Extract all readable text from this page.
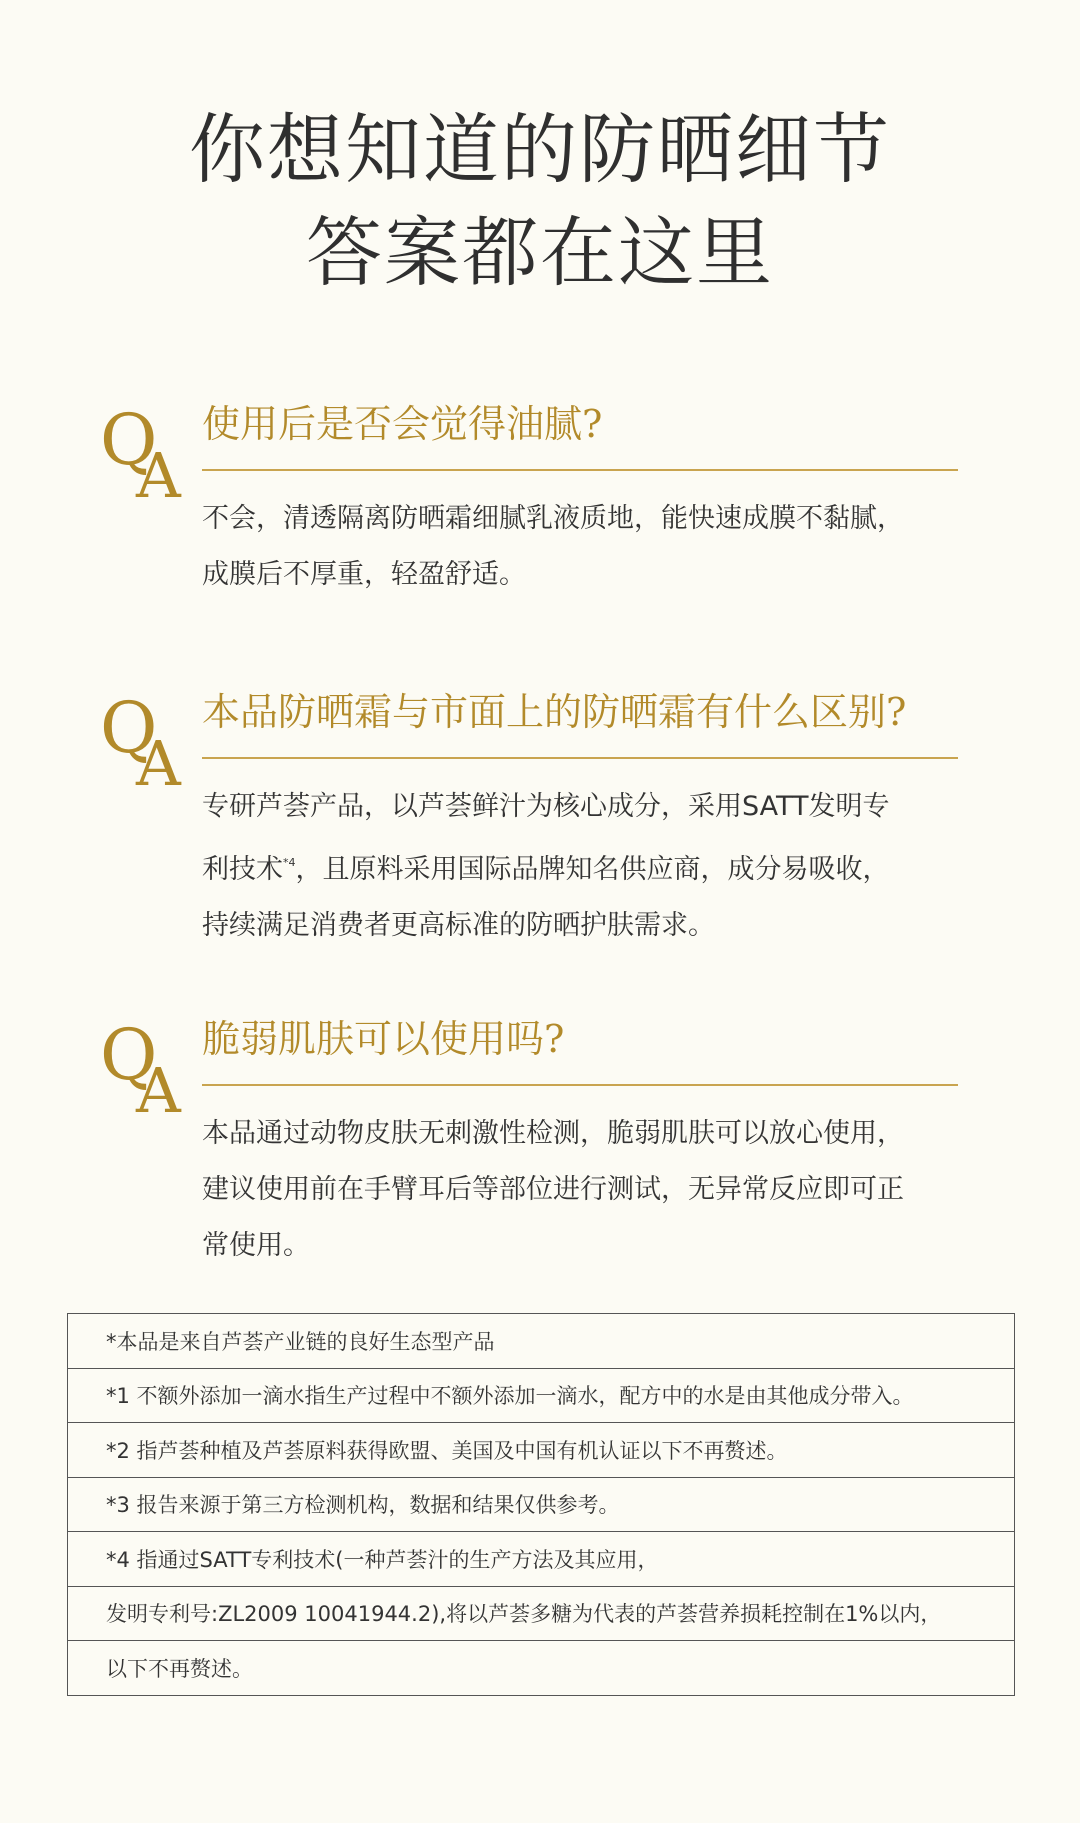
你想知道的防晒细节
答案都在这里
Q
A
使用后是否会觉得油腻?

不会，清透隔离防晒霜细腻乳液质地，能快速成膜不黏腻，

成膜后不厚重，轻盈舒适。

Q
A
本品防晒霜与市面上的防晒霜有什么区别?

专研芦荟产品，以芦荟鲜汁为核心成分，采用SATT发明专

利技术$^{*4}$，且原料采用国际品牌知名供应商，成分易吸收，

持续满足消费者更高标准的防晒护肤需求。

Q
A
脆弱肌肤可以使用吗?

本品通过动物皮肤无刺激性检测，脆弱肌肤可以放心使用，

建议使用前在手臂耳后等部位进行测试，无异常反应即可正

常使用。

*本品是来自芦荟产业链的良好生态型产品
*1 不额外添加一滴水指生产过程中不额外添加一滴水，配方中的水是由其他成分带入。
*2 指芦荟种植及芦荟原料获得欧盟、美国及中国有机认证以下不再赘述。
*3 报告来源于第三方检测机构，数据和结果仅供参考。
*4 指通过SATT专利技术(一种芦荟汁的生产方法及其应用，
发明专利号:ZL2009 10041944.2),将以芦荟多糖为代表的芦荟营养损耗控制在1%以内，
以下不再赘述。
